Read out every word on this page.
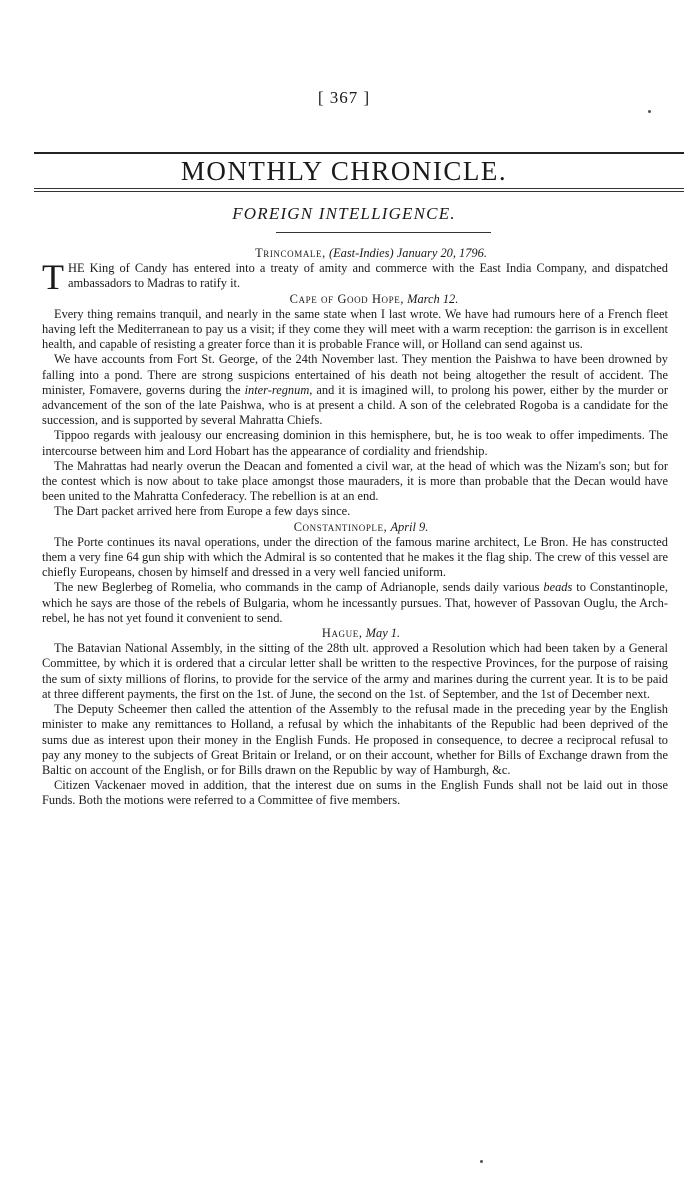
[ 367 ]
MONTHLY CHRONICLE.
FOREIGN INTELLIGENCE.

Trincomale, (East-Indies) January 20, 1796.

THE King of Candy has entered into a treaty of amity and commerce with the East India Company, and dispatched ambassadors to Madras to ratify it.

Cape of Good Hope, March 12.

Every thing remains tranquil, and nearly in the same state when I last wrote. We have had rumours here of a French fleet having left the Mediterranean to pay us a visit; if they come they will meet with a warm reception: the garrison is in excellent health, and capable of resisting a greater force than it is probable France will, or Holland can send against us.

We have accounts from Fort St. George, of the 24th November last. They mention the Paishwa to have been drowned by falling into a pond. There are strong suspicions entertained of his death not being altogether the result of accident. The minister, Fomavere, governs during the inter-regnum, and it is imagined will, to prolong his power, either by the murder or advancement of the son of the late Paishwa, who is at present a child. A son of the celebrated Rogoba is a candidate for the succession, and is supported by several Mahratta Chiefs.

Tippoo regards with jealousy our encreasing dominion in this hemisphere, but, he is too weak to offer impediments. The intercourse between him and Lord Hobart has the appearance of cordiality and friendship.

The Mahrattas had nearly overun the Deacan and fomented a civil war, at the head of which was the Nizam's son; but for the contest which is now about to take place amongst those mauraders, it is more than probable that the Decan would have been united to the Mahratta Confederacy. The rebellion is at an end.

The Dart packet arrived here from Europe a few days since.

Constantinople, April 9.

The Porte continues its naval operations, under the direction of the famous marine architect, Le Bron. He has constructed them a very fine 64 gun ship with which the Admiral is so contented that he makes it the flag ship. The crew of this vessel are chiefly Europeans, chosen by himself and dressed in a very well fancied uniform.

The new Beglerbeg of Romelia, who commands in the camp of Adrianople, sends daily various beads to Constantinople, which he says are those of the rebels of Bulgaria, whom he incessantly pursues. That, however of Passovan Ouglu, the Arch-rebel, he has not yet found it convenient to send.

Hague, May 1.

The Batavian National Assembly, in the sitting of the 28th ult. approved a Resolution which had been taken by a General Committee, by which it is ordered that a circular letter shall be written to the respective Provinces, for the purpose of raising the sum of sixty millions of florins, to provide for the service of the army and marines during the current year. It is to be paid at three different payments, the first on the 1st. of June, the second on the 1st. of September, and the 1st of December next.

The Deputy Scheemer then called the attention of the Assembly to the refusal made in the preceding year by the English minister to make any remittances to Holland, a refusal by which the inhabitants of the Republic had been deprived of the sums due as interest upon their money in the English Funds. He proposed in consequence, to decree a reciprocal refusal to pay any money to the subjects of Great Britain or Ireland, or on their account, whether for Bills of Exchange drawn from the Baltic on account of the English, or for Bills drawn on the Republic by way of Hamburgh, &c.

Citizen Vackenaer moved in addition, that the interest due on sums in the English Funds shall not be laid out in those Funds. Both the motions were referred to a Committee of five members.
